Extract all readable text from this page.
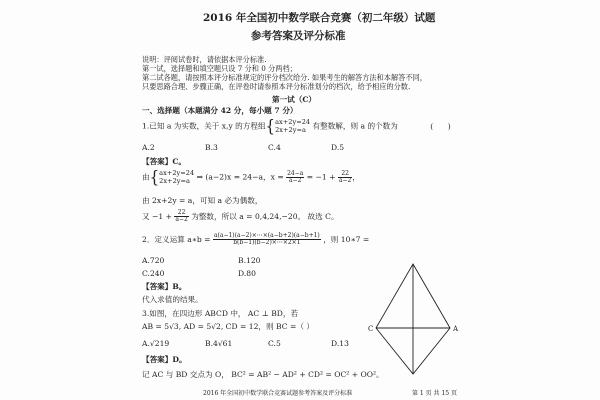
2016 年全国初中数学联合竞赛（初二年级）试题
参考答案及评分标准
说明：评阅试卷时，请依据本评分标准.
第一试，选择题和填空题只设 7 分和 0 分两档；
第二试各题，请按照本评分标准规定的评分档次给分. 如果考生的解答方法和本解答不同，
只要思路合理、步骤正确，在评卷时请参照本评分标准划分的档次，给予相应的分数.
第一试（C）
一、选择题（本题满分 42 分，每小题 7 分）
1.已知 a 为实数，关于 x,y 的方程组{ax+2y=24
2x+2y=a 有整数解，则 a 的个数为	(      )
A.2	B.3	C.4	D.5
【答案】C。
由{ax+2y=24
2x+2y=a ⇒ (a−2)x = 24−a，$x = \frac{24-a}{a-2} = -1 + \frac{22}{a-2}$ ，
由 2x+2y = a，可知 a 必为偶数，
又 $-1 + \frac{22}{a-2}$ 为整数，所以 a = 0,4,24,−20。 故选 C。
2．定义运算 a∗b = $\frac{a(a-1)(a-2)\times\cdots\times(a-b+2)(a-b+1)}{b(b-1)(b-2)\times\cdots\times 2\times 1}$ ，则 10∗7 =
A.720	B.120
C.240	D.80
【答案】B。
代入求值的结果。
3.如图，在四边形 ABCD 中， AC ⊥ BD，若
AB = 5√3, AD = 5√2, CD = 12，则 BC =（ ）
A.√219	B.4√61	C.5	D.13
【答案】D。
记 AC 与 BD 交点为 O， BC² = AB² − AD² + CD² = OC² + OO²。
C	A
2016 年全国初中数学联合竞赛试题参考答案及评分标准	第 1 页 共 15 页
